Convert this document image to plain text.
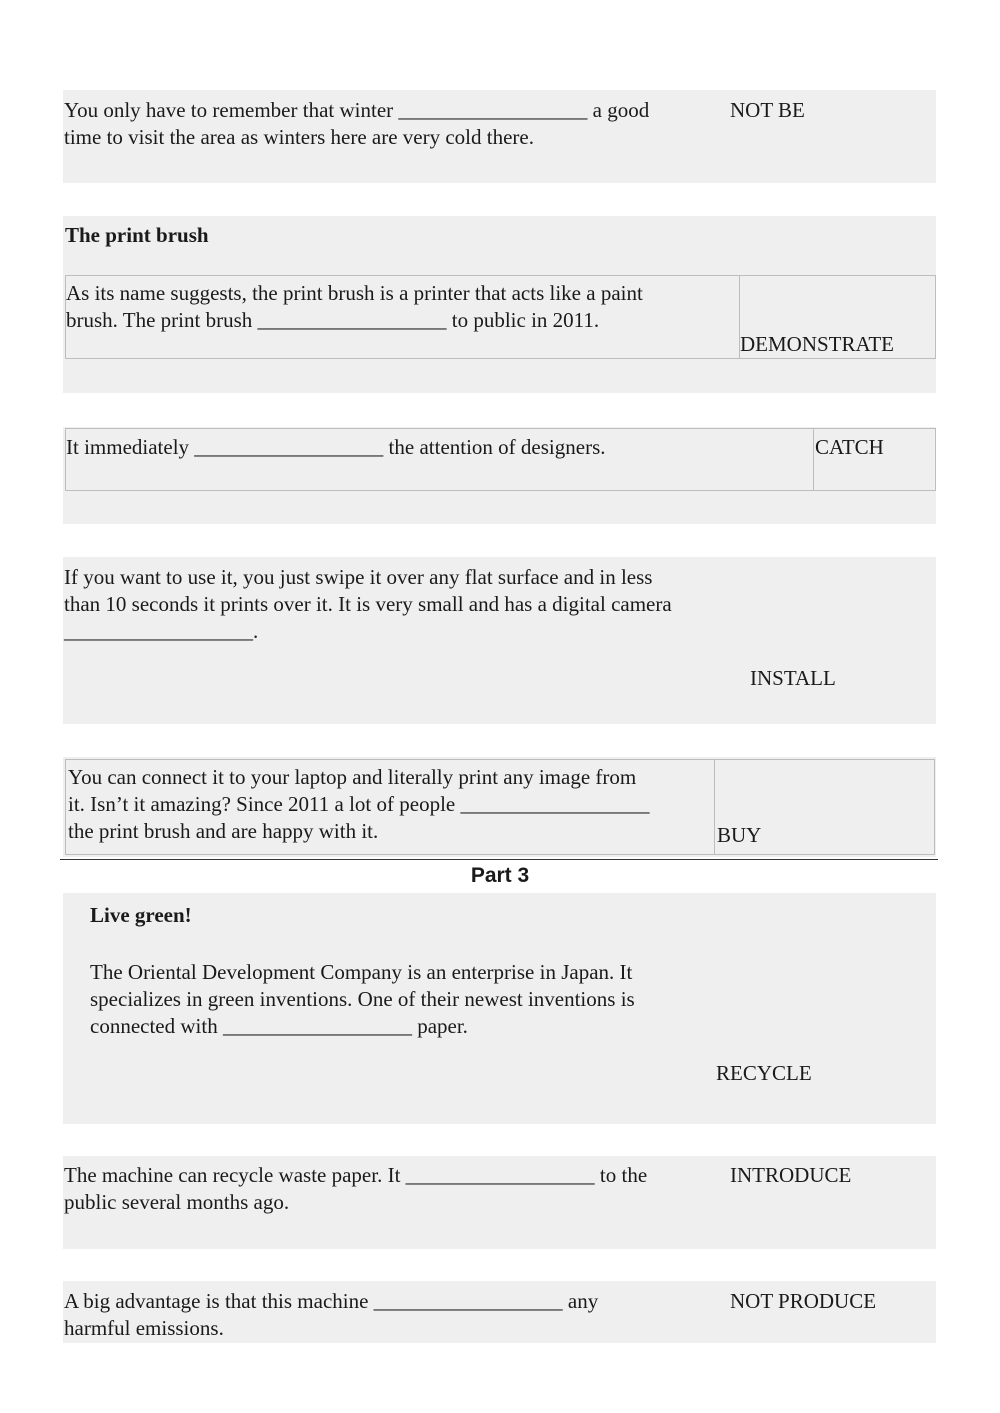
You only have to remember that winter __________________ a good
time to visit the area as winters here are very cold there.
NOT BE
The print brush
As its name suggests, the print brush is a printer that acts like a paint
brush. The print brush __________________ to public in 2011.
DEMONSTRATE
It immediately __________________ the attention of designers.	CATCH
If you want to use it, you just swipe it over any flat surface and in less
than 10 seconds it prints over it. It is very small and has a digital camera
__________________.
INSTALL
You can connect it to your laptop and literally print any image from
it. Isn’t it amazing? Since 2011 a lot of people __________________
the print brush and are happy with it.	BUY
Part 3
Live green!
The Oriental Development Company is an enterprise in Japan. It
specializes in green inventions. One of their newest inventions is
connected with __________________ paper.
RECYCLE
The machine can recycle waste paper. It __________________ to the
public several months ago.
INTRODUCE
A big advantage is that this machine __________________ any
harmful emissions.
NOT PRODUCE
